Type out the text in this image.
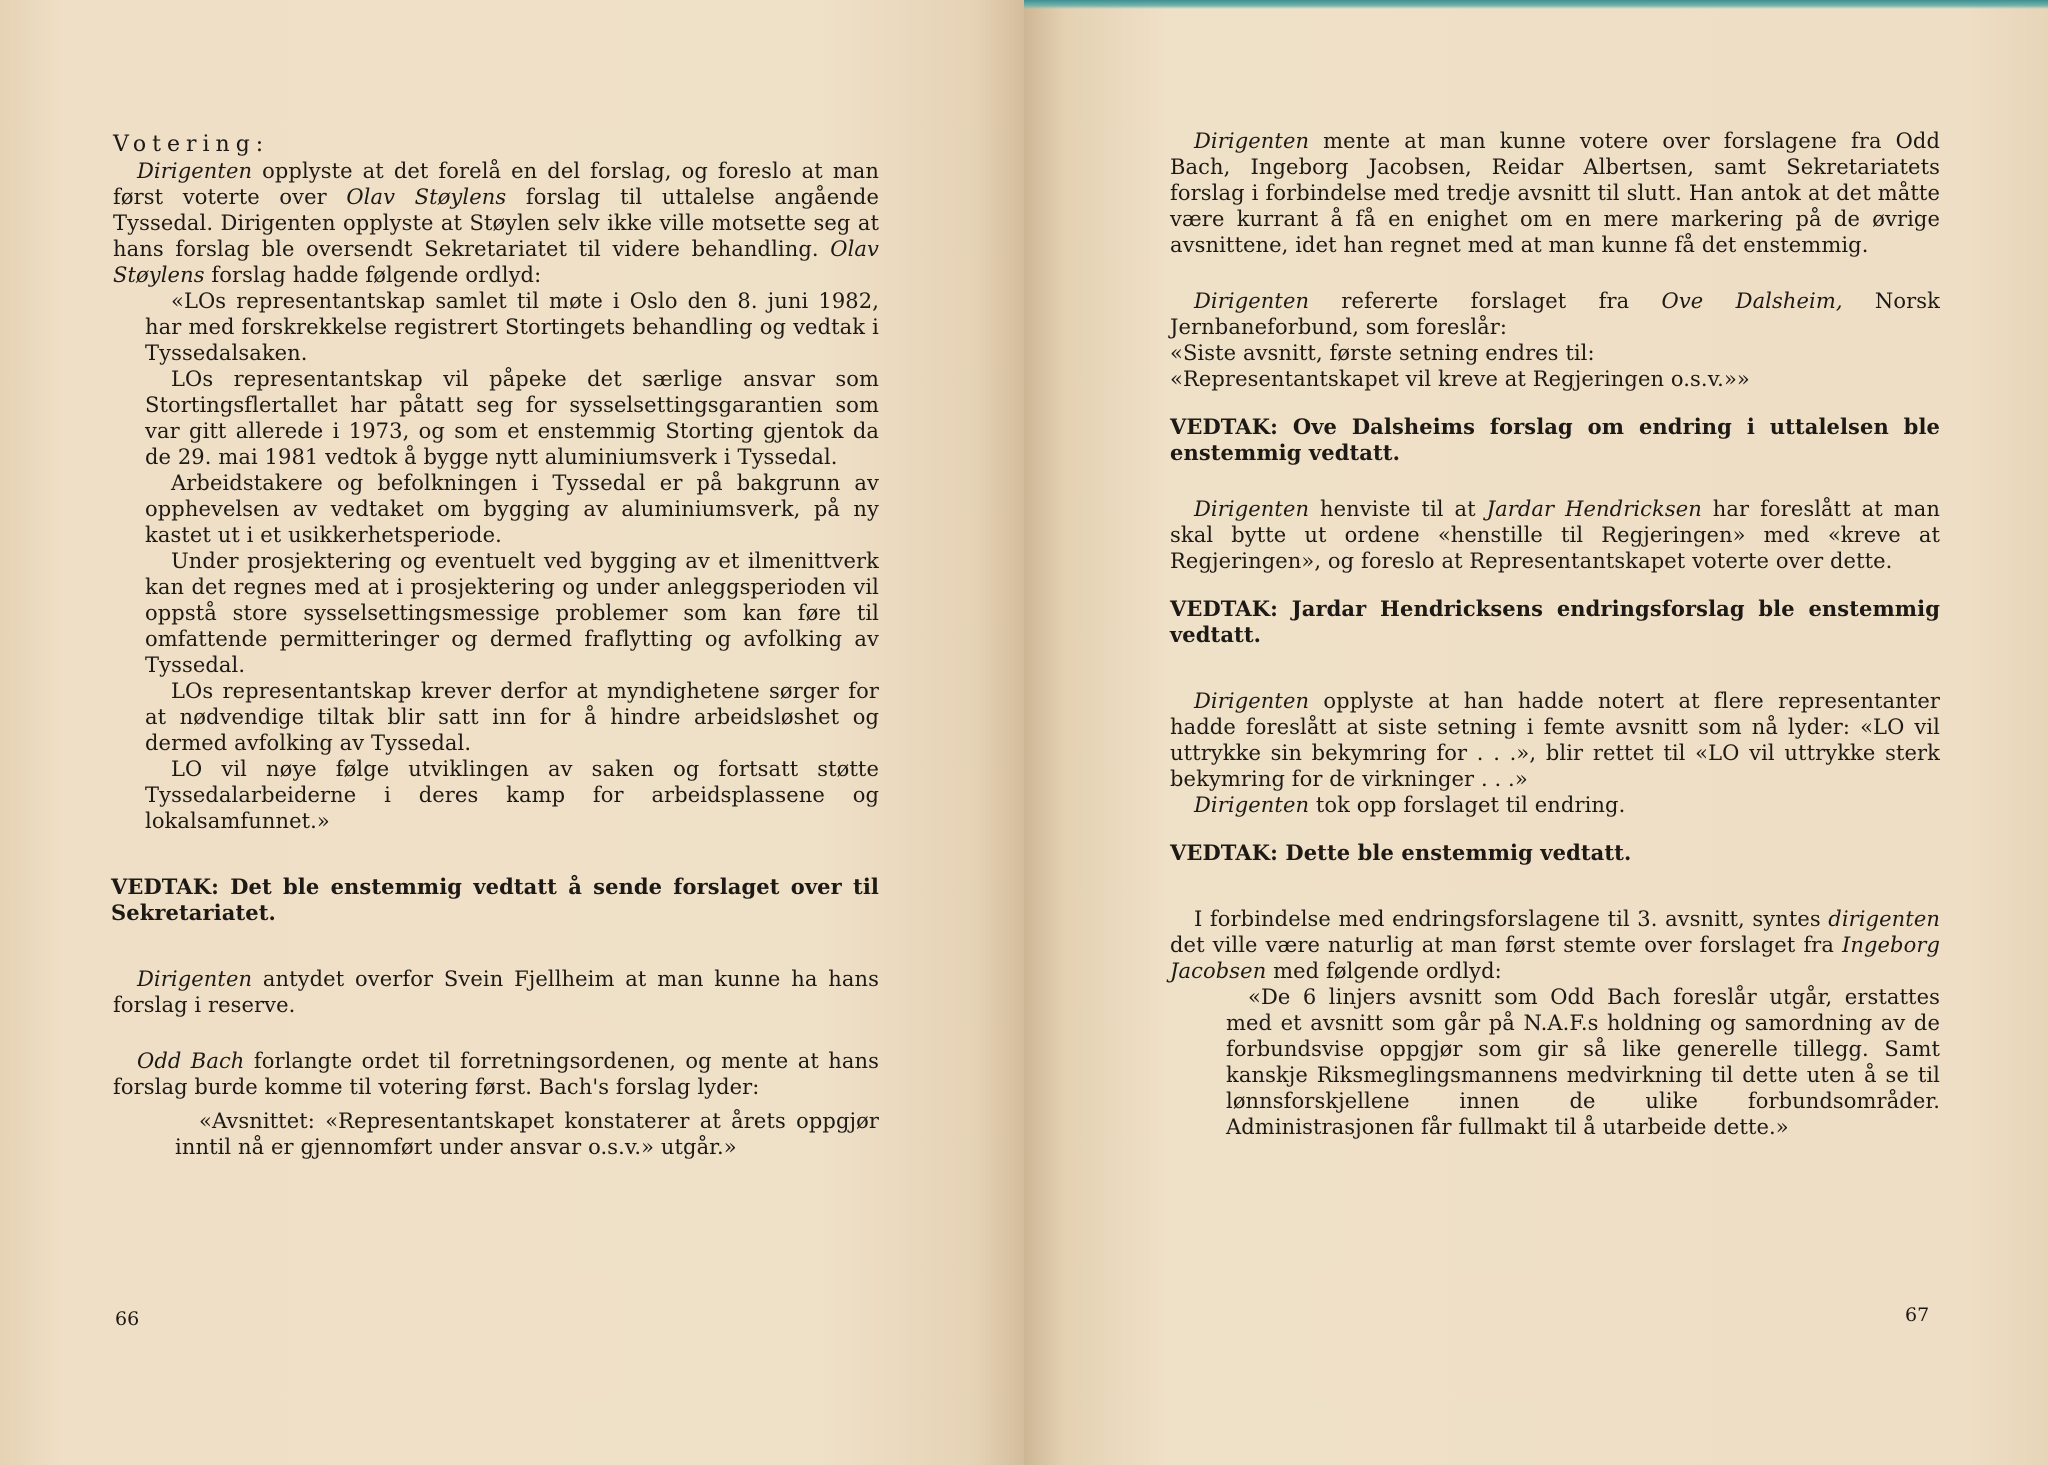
Votering:

Dirigenten opplyste at det forelå en del forslag, og foreslo at man først voterte over Olav Støylens forslag til uttalelse angående Tyssedal. Dirigenten opplyste at Støylen selv ikke ville motsette seg at hans forslag ble oversendt Sekretariatet til videre behandling. Olav Støylens forslag hadde følgende ordlyd:

«LOs representantskap samlet til møte i Oslo den 8. juni 1982, har med forskrekkelse registrert Stortingets behandling og vedtak i Tyssedalsaken.

LOs representantskap vil påpeke det særlige ansvar som Stortingsflertallet har påtatt seg for sysselsettingsgarantien som var gitt allerede i 1973, og som et enstemmig Storting gjentok da de 29. mai 1981 vedtok å bygge nytt aluminiumsverk i Tyssedal.

Arbeidstakere og befolkningen i Tyssedal er på bakgrunn av opphevelsen av vedtaket om bygging av aluminiumsverk, på ny kastet ut i et usikkerhetsperiode.

Under prosjektering og eventuelt ved bygging av et ilmenittverk kan det regnes med at i prosjektering og under anleggsperioden vil oppstå store sysselsettingsmessige problemer som kan føre til omfattende permitteringer og dermed fraflytting og avfolking av Tyssedal.

LOs representantskap krever derfor at myndighetene sørger for at nødvendige tiltak blir satt inn for å hindre arbeidsløshet og dermed avfolking av Tyssedal.

LO vil nøye følge utviklingen av saken og fortsatt støtte Tyssedalarbeiderne i deres kamp for arbeidsplassene og lokalsamfunnet.»

VEDTAK: Det ble enstemmig vedtatt å sende forslaget over til Sekretariatet.

Dirigenten antydet overfor Svein Fjellheim at man kunne ha hans forslag i reserve.

Odd Bach forlangte ordet til forretningsordenen, og mente at hans forslag burde komme til votering først. Bach's forslag lyder:

«Avsnittet: «Representantskapet konstaterer at årets oppgjør inntil nå er gjennomført under ansvar o.s.v.» utgår.»

66

Dirigenten mente at man kunne votere over forslagene fra Odd Bach, Ingeborg Jacobsen, Reidar Albertsen, samt Sekretariatets forslag i forbindelse med tredje avsnitt til slutt. Han antok at det måtte være kurrant å få en enighet om en mere markering på de øvrige avsnittene, idet han regnet med at man kunne få det enstemmig.

Dirigenten refererte forslaget fra Ove Dalsheim, Norsk Jernbaneforbund, som foreslår:

«Siste avsnitt, første setning endres til:

«Representantskapet vil kreve at Regjeringen o.s.v.»»

VEDTAK: Ove Dalsheims forslag om endring i uttalelsen ble enstemmig vedtatt.

Dirigenten henviste til at Jardar Hendricksen har foreslått at man skal bytte ut ordene «henstille til Regjeringen» med «kreve at Regjeringen», og foreslo at Representantskapet voterte over dette.

VEDTAK: Jardar Hendricksens endringsforslag ble enstemmig vedtatt.

Dirigenten opplyste at han hadde notert at flere representanter hadde foreslått at siste setning i femte avsnitt som nå lyder: «LO vil uttrykke sin bekymring for . . .», blir rettet til «LO vil uttrykke sterk bekymring for de virkninger . . .»

Dirigenten tok opp forslaget til endring.

VEDTAK: Dette ble enstemmig vedtatt.

I forbindelse med endringsforslagene til 3. avsnitt, syntes dirigenten det ville være naturlig at man først stemte over forslaget fra Ingeborg Jacobsen med følgende ordlyd:

«De 6 linjers avsnitt som Odd Bach foreslår utgår, erstattes med et avsnitt som går på N.A.F.s holdning og samordning av de forbundsvise oppgjør som gir så like generelle tillegg. Samt kanskje Riksmeglingsmannens medvirkning til dette uten å se til lønnsforskjellene innen de ulike forbundsområder. Administrasjonen får fullmakt til å utarbeide dette.»

67
